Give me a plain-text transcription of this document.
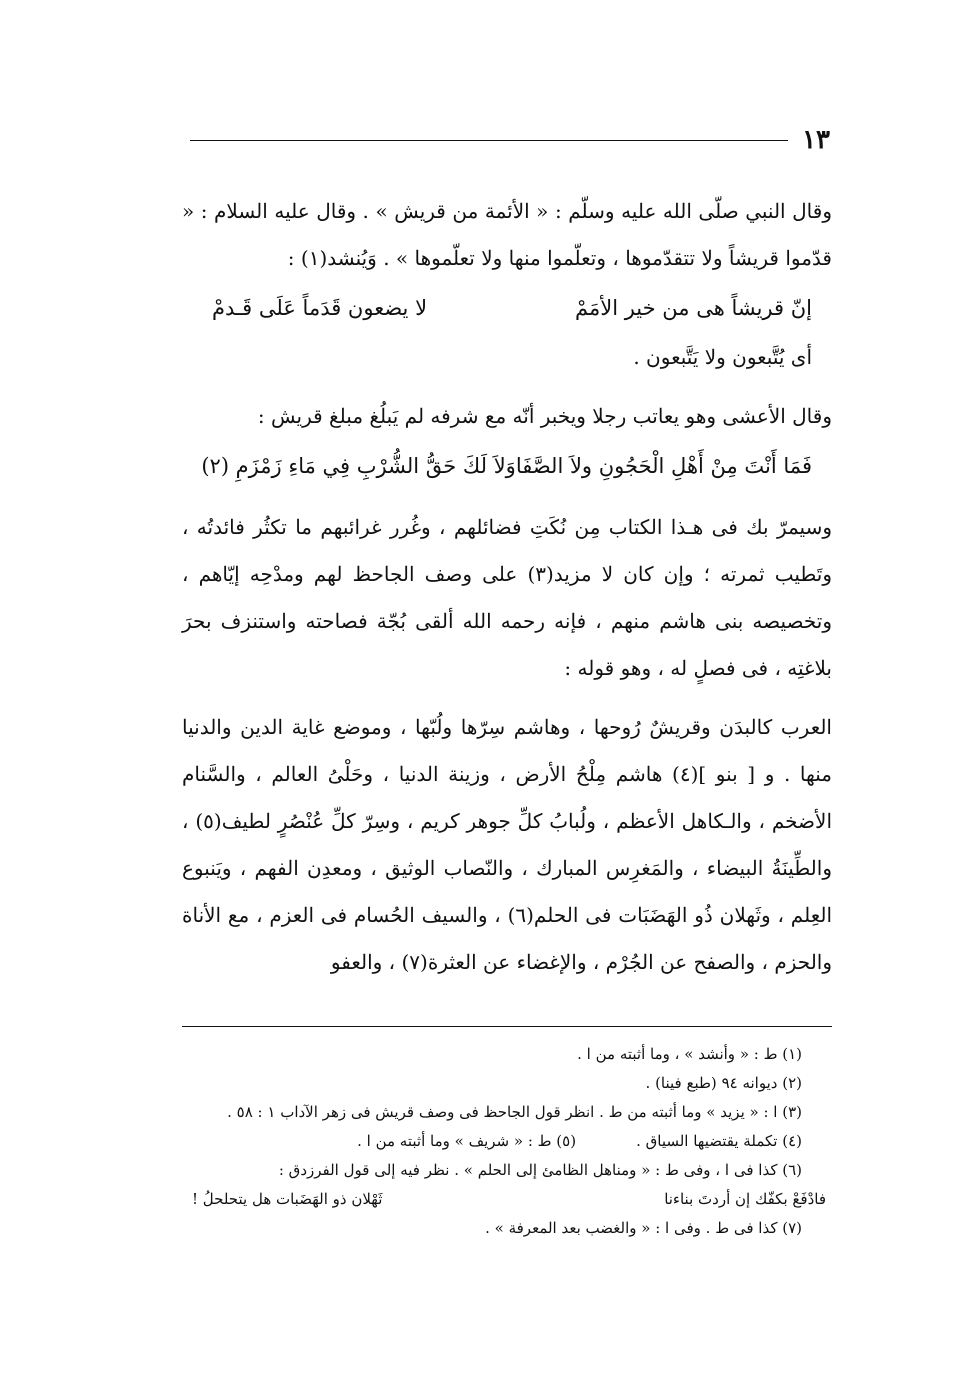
١٣

وقال النبي صلّى الله عليه وسلّم : « الأئمة من قريش » . وقال عليه السلام : « قدّموا قريشاً ولا تتقدّموها ، وتعلّموا منها ولا تعلّموها » . وَيُنشد(١) :

إنّ قريشاً هى من خير الأمَمْ
لا يضعون قَدَماً عَلَى قَـدمْ
أى يُتَّبعون ولا يَتَّبعون .

وقال الأعشى وهو يعاتب رجلا ويخبر أنّه مع شرفه لم يَبلُغ مبلغ قريش :

فَمَا أَنْتَ مِنْ أَهْلِ الْحَجُونِ ولاَ الصَّفَا
وَلاَ لَكَ حَقُّ الشُّرْبِ فِي مَاءِ زَمْزَمِ (٢)

وسيمرّ بك فى هـذا الكتاب مِن نُكَتِ فضائلهم ، وغُرر غرائبهم ما تكثُر فائدتُه ، وتَطيب ثمرته ؛ وإن كان لا مزيد(٣) على وصف الجاحظ لهم ومدْحِه إيّاهم ، وتخصيصه بنى هاشم منهم ، فإنه رحمه الله ألقى بُجّة فصاحته واستنزف بحرَ بلاغتِه ، فى فصلٍ له ، وهو قوله :

العرب كالبدَن وقريشٌ رُوحها ، وهاشم سِرّها ولُبّها ، وموضع غاية الدين والدنيا منها . و [ بنو ](٤) هاشم مِلْحُ الأرض ، وزينة الدنيا ، وحَلْىُ العالم ، والسَّنام الأضخم ، والـكاهل الأعظم ، ولُبابُ كلِّ جوهر كريم ، وسِرّ كلِّ عُنْصُرٍ لطيف(٥) ، والطِّينَةُ البيضاء ، والمَغرِس المبارك ، والنّصاب الوثيق ، ومعدِن الفهم ، ويَنبوع العِلم ، وثَهلان ذُو الهَضَبَات فى الحلم(٦) ، والسيف الحُسام فى العزم ، مع الأناة والحزم ، والصفح عن الجُرْم ، والإغضاء عن العثرة(٧) ، والعفو

(١) ط : « وأنشد » ، وما أثبته من ا .

(٢) ديوانه ٩٤ (طبع فينا) .

(٣) ا : « يزيد » وما أثبته من ط . انظر قول الجاحظ فى وصف قريش فى زهر الآداب ١ : ٥٨ .

(٤) تكملة يقتضيها السياق .
(٥) ط : « شريف » وما أثبته من ا .

(٦) كذا فى ا ، وفى ط : « ومناهل الظامئ إلى الحلم » . نظر فيه إلى قول الفرزدق :

فادْفَعْ بكفّك إن أردتَ بناءنا
ثَهْلان ذو الهَضَبات هل يتحلحلُ !

(٧) كذا فى ط . وفى ا : « والغضب بعد المعرفة » .
